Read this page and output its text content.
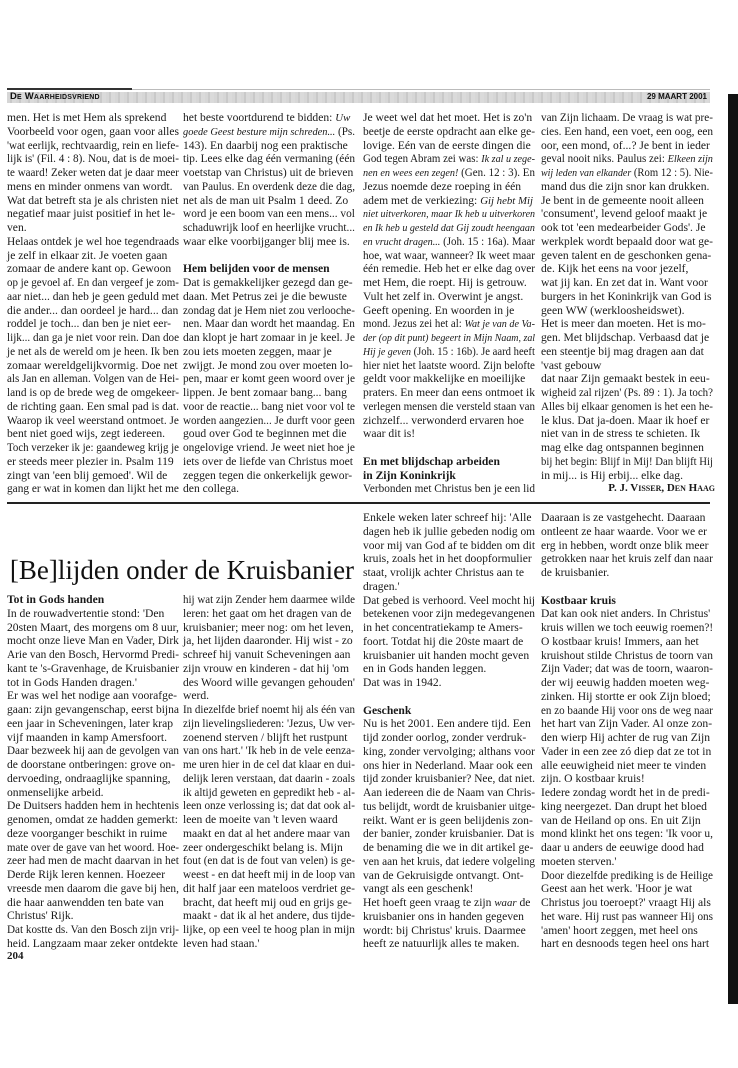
De Waarheidsvriend	29 MAART 2001
men. Het is met Hem als sprekend
Voorbeeld voor ogen, gaan voor alles
'wat eerlijk, rechtvaardig, rein en liefe-
lijk is' (Fil. 4 : 8). Nou, dat is de moei-
te waard! Zeker weten dat je daar meer
mens en minder onmens van wordt.
Wat dat betreft sta je als christen niet
negatief maar juist positief in het le-
ven.
Helaas ontdek je wel hoe tegendraads
je zelf in elkaar zit. Je voeten gaan
zomaar de andere kant op. Gewoon
op je gevoel af. En dan vergeef je zom-
aar niet... dan heb je geen geduld met
die ander... dan oordeel je hard... dan
roddel je toch... dan ben je niet eer-
lijk... dan ga je niet voor rein. Dan doe
je net als de wereld om je heen. Ik ben
zomaar wereldgelijkvormig. Doe net
als Jan en alleman. Volgen van de Hei-
land is op de brede weg de omgekeer-
de richting gaan. Een smal pad is dat.
Waarop ik veel weerstand ontmoet. Je
bent niet goed wijs, zegt iedereen.
Toch verzeker ik je: gaandeweg krijg je
er steeds meer plezier in. Psalm 119
zingt van 'een blij gemoed'. Wil de
gang er wat in komen dan lijkt het me
het beste voortdurend te bidden: Uw
goede Geest besture mijn schreden... (Ps.
143). En daarbij nog een praktische
tip. Lees elke dag één vermaning (één
voetstap van Christus) uit de brieven
van Paulus. En overdenk deze die dag,
net als de man uit Psalm 1 deed. Zo
word je een boom van een mens... vol
schaduwrijk loof en heerlijke vrucht...
waar elke voorbijganger blij mee is.
Hem belijden voor de mensen
Dat is gemakkelijker gezegd dan ge-
daan. Met Petrus zei je die bewuste
zondag dat je Hem niet zou verlooche-
nen. Maar dan wordt het maandag. En
dan klopt je hart zomaar in je keel. Je
zou iets moeten zeggen, maar je
zwijgt. Je mond zou over moeten lo-
pen, maar er komt geen woord over je
lippen. Je bent zomaar bang... bang
voor de reactie... bang niet voor vol te
worden aangezien... Je durft voor geen
goud over God te beginnen met die
ongelovige vriend. Je weet niet hoe je
iets over de liefde van Christus moet
zeggen tegen die onkerkelijk gewor-
den collega.
Je weet wel dat het moet. Het is zo'n
beetje de eerste opdracht aan elke ge-
lovige. Eén van de eerste dingen die
God tegen Abram zei was: Ik zal u zege-
nen en wees een zegen! (Gen. 12 : 3). En
Jezus noemde deze roeping in één
adem met de verkiezing: Gij hebt Mij
niet uitverkoren, maar Ik heb u uitverkoren
en Ik heb u gesteld dat Gij zoudt heengaan
en vrucht dragen... (Joh. 15 : 16a). Maar
hoe, wat waar, wanneer? Ik weet maar
één remedie. Heb het er elke dag over
met Hem, die roept. Hij is getrouw.
Vult het zelf in. Overwint je angst.
Geeft opening. En woorden in je
mond. Jezus zei het al: Wat je van de Va-
der (op dit punt) begeert in Mijn Naam, zal
Hij je geven (Joh. 15 : 16b). Je aard heeft
hier niet het laatste woord. Zijn belofte
geldt voor makkelijke en moeilijke
praters. En meer dan eens ontmoet ik
verlegen mensen die versteld staan van
zichzelf... verwonderd ervaren hoe
waar dit is!
En met blijdschap arbeiden
in Zijn Koninkrijk
Verbonden met Christus ben je een lid
van Zijn lichaam. De vraag is wat pre-
cies. Een hand, een voet, een oog, een
oor, een mond, of...? Je bent in ieder
geval nooit niks. Paulus zei: Elkeen zijn
wij leden van elkander (Rom 12 : 5). Nie-
mand dus die zijn snor kan drukken.
Je bent in de gemeente nooit alleen
'consument', levend geloof maakt je
ook tot 'een medearbeider Gods'. Je
werkplek wordt bepaald door wat ge-
geven talent en de geschonken gena-
de. Kijk het eens na voor jezelf,
wat jij kan. En zet dat in. Want voor
burgers in het Koninkrijk van God is
geen WW (werkloosheidswet).
Het is meer dan moeten. Het is mo-
gen. Met blijdschap. Verbaasd dat je
een steentje bij mag dragen aan dat
'vast gebouw
dat naar Zijn gemaakt bestek in eeu-
wigheid zal rijzen' (Ps. 89 : 1). Ja toch?
Alles bij elkaar genomen is het een he-
le klus. Dat ja-doen. Maar ik hoef er
niet van in de stress te schieten. Ik
mag elke dag ontspannen beginnen
bij het begin: Blijf in Mij! Dan blijft Hij
in mij... is Hij erbij... elke dag.
P. J. Visser, Den Haag
[Be]lijden onder de Kruisbanier
Tot in Gods handen
In de rouwadvertentie stond: 'Den
20sten Maart, des morgens om 8 uur,
mocht onze lieve Man en Vader, Dirk
Arie van den Bosch, Hervormd Predi-
kant te 's-Gravenhage, de Kruisbanier
tot in Gods Handen dragen.'
Er was wel het nodige aan voorafge-
gaan: zijn gevangenschap, eerst bijna
een jaar in Scheveningen, later krap
vijf maanden in kamp Amersfoort.
Daar bezweek hij aan de gevolgen van
de doorstane ontberingen: grove on-
dervoeding, ondraaglijke spanning,
onmenselijke arbeid.
De Duitsers hadden hem in hechtenis
genomen, omdat ze hadden gemerkt:
deze voorganger beschikt in ruime
mate over de gave van het woord. Hoe-
zeer had men de macht daarvan in het
Derde Rijk leren kennen. Hoezeer
vreesde men daarom die gave bij hen,
die haar aanwendden ten bate van
Christus' Rijk.
Dat kostte ds. Van den Bosch zijn vrij-
heid. Langzaam maar zeker ontdekte
hij wat zijn Zender hem daarmee wilde
leren: het gaat om het dragen van de
kruisbanier; meer nog: om het leven,
ja, het lijden daaronder. Hij wist - zo
schreef hij vanuit Scheveningen aan
zijn vrouw en kinderen - dat hij 'om
des Woord wille gevangen gehouden'
werd.
In diezelfde brief noemt hij als één van
zijn lievelingsliederen: 'Jezus, Uw ver-
zoenend sterven / blijft het rustpunt
van ons hart.' 'Ik heb in de vele eenza-
me uren hier in de cel dat klaar en dui-
delijk leren verstaan, dat daarin - zoals
ik altijd geweten en gepredikt heb - al-
leen onze verlossing is; dat dat ook al-
leen de moeite van 't leven waard
maakt en dat al het andere maar van
zeer ondergeschikt belang is. Mijn
fout (en dat is de fout van velen) is ge-
weest - en dat heeft mij in de loop van
dit half jaar een mateloos verdriet ge-
bracht, dat heeft mij oud en grijs ge-
maakt - dat ik al het andere, dus tijde-
lijke, op een veel te hoog plan in mijn
leven had staan.'
Enkele weken later schreef hij: 'Alle
dagen heb ik jullie gebeden nodig om
voor mij van God af te bidden om dit
kruis, zoals het in het doopformulier
staat, vrolijk achter Christus aan te
dragen.'
Dat gebed is verhoord. Veel mocht hij
betekenen voor zijn medegevangenen
in het concentratiekamp te Amers-
foort. Totdat hij die 20ste maart de
kruisbanier uit handen mocht geven
en in Gods handen leggen.
Dat was in 1942.
Geschenk
Nu is het 2001. Een andere tijd. Een
tijd zonder oorlog, zonder verdruk-
king, zonder vervolging; althans voor
ons hier in Nederland. Maar ook een
tijd zonder kruisbanier? Nee, dat niet.
Aan iedereen die de Naam van Chris-
tus belijdt, wordt de kruisbanier uitge-
reikt. Want er is geen belijdenis zon-
der banier, zonder kruisbanier. Dat is
de benaming die we in dit artikel ge-
ven aan het kruis, dat iedere volgeling
van de Gekruisigde ontvangt. Ont-
vangt als een geschenk!
Het hoeft geen vraag te zijn waar de
kruisbanier ons in handen gegeven
wordt: bij Christus' kruis. Daarmee
heeft ze natuurlijk alles te maken.
Daaraan is ze vastgehecht. Daaraan
ontleent ze haar waarde. Voor we er
erg in hebben, wordt onze blik meer
getrokken naar het kruis zelf dan naar
de kruisbanier.
Kostbaar kruis
Dat kan ook niet anders. In Christus'
kruis willen we toch eeuwig roemen?!
O kostbaar kruis! Immers, aan het
kruishout stilde Christus de toorn van
Zijn Vader; dat was de toorn, waaron-
der wij eeuwig hadden moeten weg-
zinken. Hij stortte er ook Zijn bloed;
en zo baande Hij voor ons de weg naar
het hart van Zijn Vader. Al onze zon-
den wierp Hij achter de rug van Zijn
Vader in een zee zó diep dat ze tot in
alle eeuwigheid niet meer te vinden
zijn. O kostbaar kruis!
Iedere zondag wordt het in de predi-
king neergezet. Dan drupt het bloed
van de Heiland op ons. En uit Zijn
mond klinkt het ons tegen: 'Ik voor u,
daar u anders de eeuwige dood had
moeten sterven.'
Door diezelfde prediking is de Heilige
Geest aan het werk. 'Hoor je wat
Christus jou toeroept?' vraagt Hij als
het ware. Hij rust pas wanneer Hij ons
'amen' hoort zeggen, met heel ons
hart en desnoods tegen heel ons hart
204
